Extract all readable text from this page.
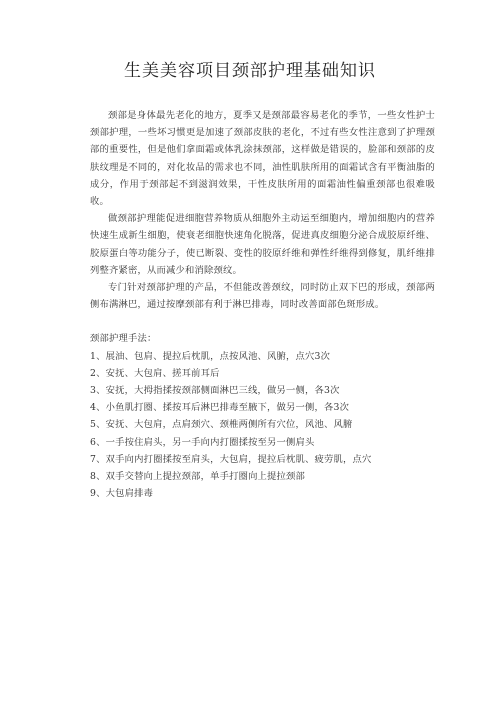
生美美容项目颈部护理基础知识

颈部是身体最先老化的地方，夏季又是颈部最容易老化的季节，一些女性护士颈部护理，一些坏习惯更是加速了颈部皮肤的老化，不过有些女性注意到了护理颈部的重要性，但是他们拿面霜或体乳涂抹颈部，这样做是错误的，脸部和颈部的皮肤纹理是不同的，对化妆品的需求也不同，油性肌肤所用的面霜试含有平衡油脂的成分，作用于颈部起不到滋润效果，干性皮肤所用的面霜油性偏重颈部也很难吸收。

做颈部护理能促进细胞营养物质从细胞外主动运至细胞内，增加细胞内的营养快速生成新生细胞，使衰老细胞快速角化脱落，促进真皮细胞分泌合成胶原纤维、胶原蛋白等功能分子，使已断裂、变性的胶原纤维和弹性纤维得到修复，肌纤维排列整齐紧密，从而减少和消除颈纹。

专门针对颈部护理的产品，不但能改善颈纹，同时防止双下巴的形成，颈部两侧布满淋巴，通过按摩颈部有利于淋巴排毒，同时改善面部色斑形成。

颈部护理手法：

1、展油、包肩、提拉后枕肌，点按风池、风腑，点穴3次
2、安抚、大包肩、搓耳前耳后
3、安抚，大拇指揉按颈部侧面淋巴三线，做另一侧，各3次
4、小鱼肌打圈、揉按耳后淋巴排毒至腋下，做另一侧，各3次
5、安抚、大包肩，点肩颈穴、颈椎两侧所有穴位，风池、风腑
6、一手按住肩头，另一手向内打圈揉按至另一侧肩头
7、双手向内打圈揉按至肩头，大包肩，提拉后枕肌、疲劳肌，点穴
8、双手交替向上提拉颈部，单手打圈向上提拉颈部
9、大包肩排毒
